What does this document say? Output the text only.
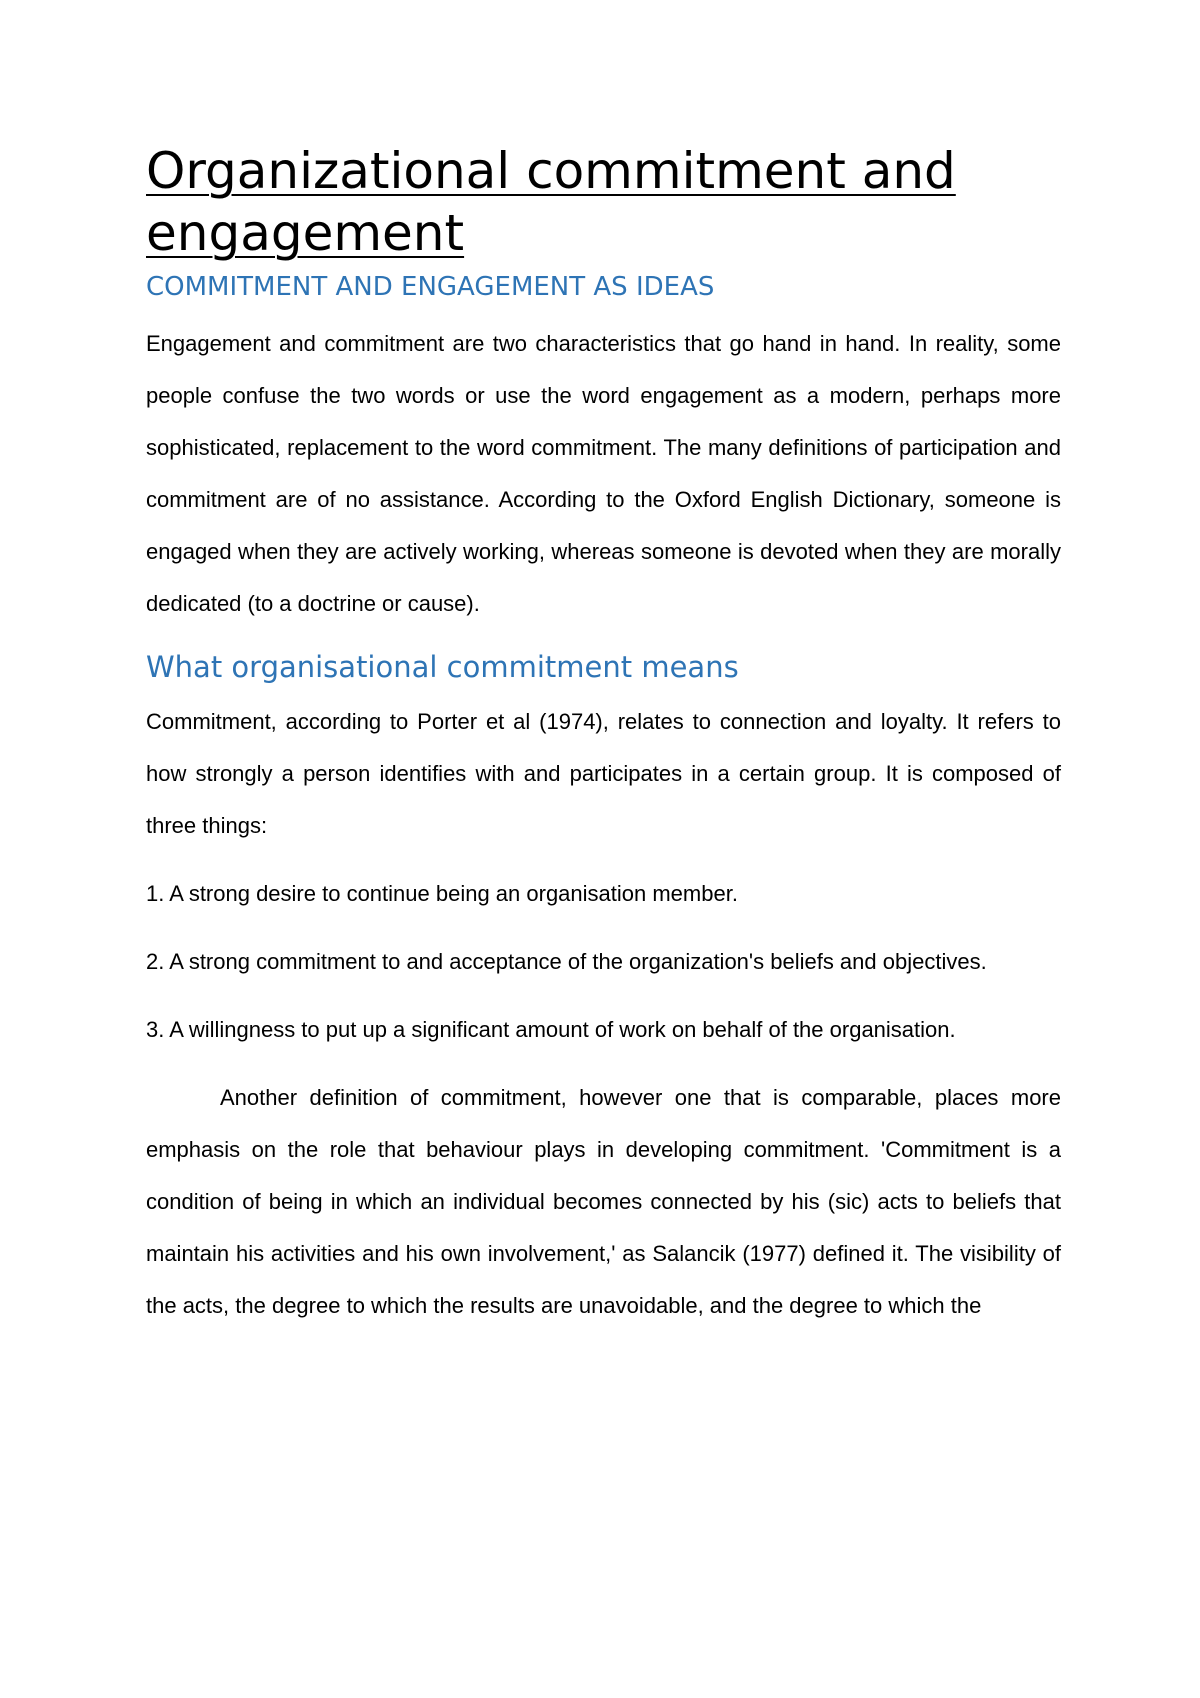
Organizational commitment and engagement
COMMITMENT AND ENGAGEMENT AS IDEAS

Engagement and commitment are two characteristics that go hand in hand. In reality, some people confuse the two words or use the word engagement as a modern, perhaps more sophisticated, replacement to the word commitment. The many definitions of participation and commitment are of no assistance. According to the Oxford English Dictionary, someone is engaged when they are actively working, whereas someone is devoted when they are morally dedicated (to a doctrine or cause).

What organisational commitment means

Commitment, according to Porter et al (1974), relates to connection and loyalty. It refers to how strongly a person identifies with and participates in a certain group. It is composed of three things:

1. A strong desire to continue being an organisation member.

2. A strong commitment to and acceptance of the organization's beliefs and objectives.

3. A willingness to put up a significant amount of work on behalf of the organisation.

Another definition of commitment, however one that is comparable, places more emphasis on the role that behaviour plays in developing commitment. 'Commitment is a condition of being in which an individual becomes connected by his (sic) acts to beliefs that maintain his activities and his own involvement,' as Salancik (1977) defined it. The visibility of the acts, the degree to which the results are unavoidable, and the degree to which the
